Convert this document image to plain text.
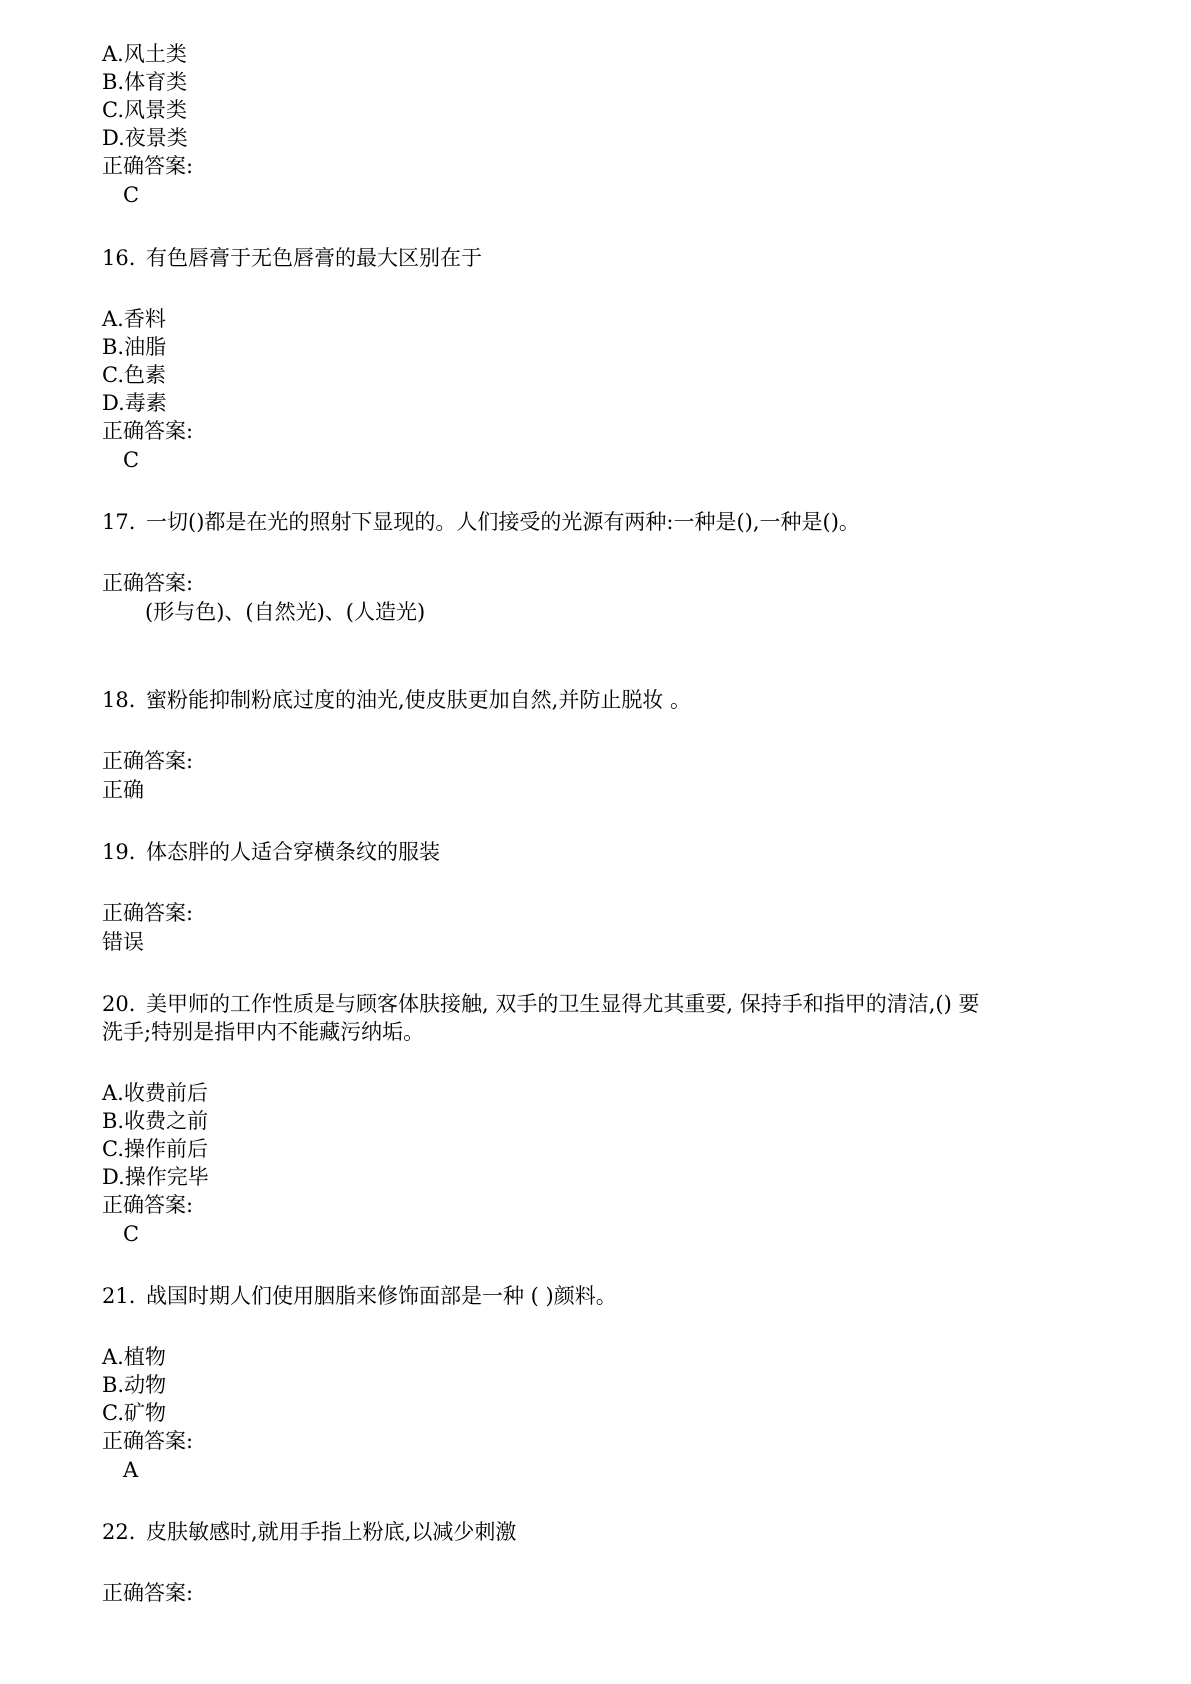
A.风土类
B.体育类
C.风景类
D.夜景类
正确答案:
C
16. 有色唇膏于无色唇膏的最大区别在于
A.香料
B.油脂
C.色素
D.毒素
正确答案:
C
17. 一切()都是在光的照射下显现的。人们接受的光源有两种:一种是(),一种是()。
正确答案:
(形与色)、(自然光)、(人造光)
18. 蜜粉能抑制粉底过度的油光,使皮肤更加自然,并防止脱妆 。
正确答案:
正确
19. 体态胖的人适合穿横条纹的服装
正确答案:
错误
20. 美甲师的工作性质是与顾客体肤接触, 双手的卫生显得尤其重要, 保持手和指甲的清洁,() 要
洗手;特别是指甲内不能藏污纳垢。
A.收费前后
B.收费之前
C.操作前后
D.操作完毕
正确答案:
C
21. 战国时期人们使用胭脂来修饰面部是一种 ( )颜料。
A.植物
B.动物
C.矿物
正确答案:
A
22. 皮肤敏感时,就用手指上粉底,以减少刺激
正确答案:
